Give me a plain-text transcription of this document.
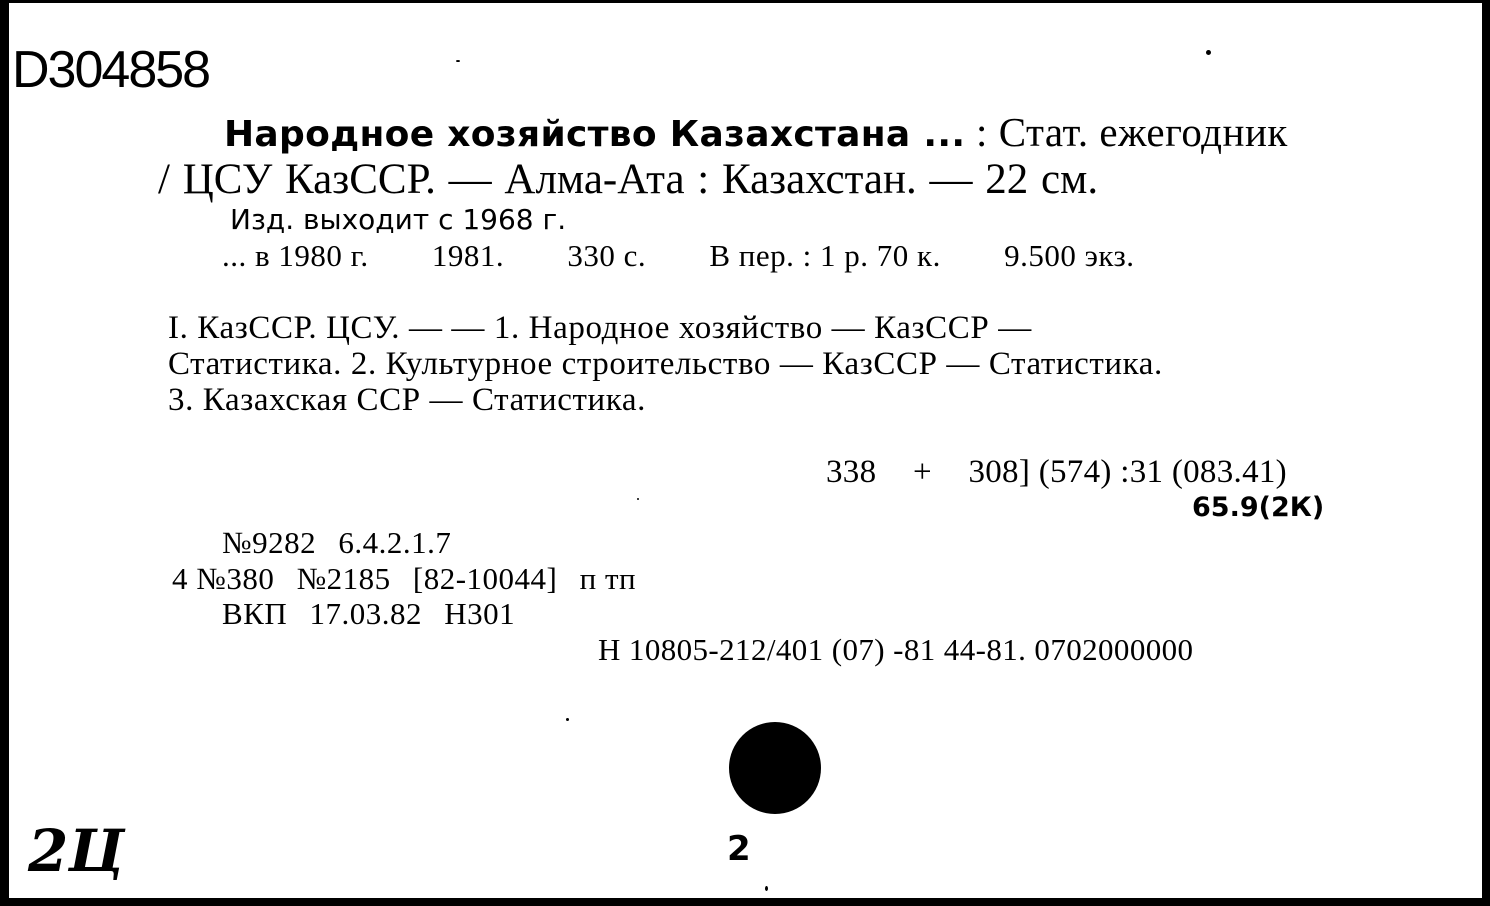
D304858
Народное хозяйство Казахстана ... : Стат. ежегодник
/ ЦСУ КазССР. — Алма-Ата : Казахстан. — 22 см.
Изд. выходит с 1968 г.
... в 1980 г. 1981. 330 с. В пер. : 1 р. 70 к. 9.500 экз.
I. КазССР. ЦСУ. — — 1. Народное хозяйство — КазССР —
Статистика. 2. Культурное строительство — КазССР — Статистика.
3. Казахская ССР — Статистика.
338 + 308] (574) :31 (083.41)
65.9(2К)
№9282 6.4.2.1.7
4 №380 №2185 [82-10044] п тп
ВКП 17.03.82 Н301
Н 10805-212/401 (07) -81 44-81. 0702000000
2Ц	2
